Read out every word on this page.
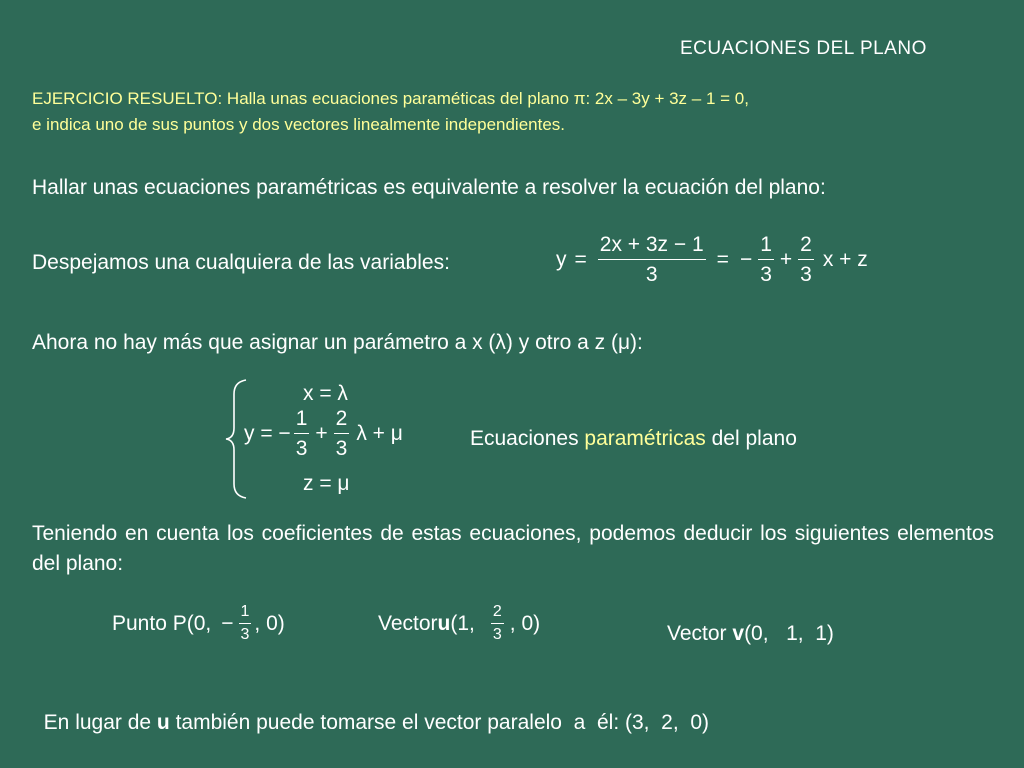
ECUACIONES DEL PLANO
EJERCICIO RESUELTO: Halla unas ecuaciones paraméticas del plano π: 2x – 3y + 3z – 1 = 0,
e indica uno de sus puntos y dos vectores linealmente independientes.
Hallar unas ecuaciones paramétricas es equivalente a resolver la ecuación del plano:
Despejamos una cualquiera de las variables:	$y = \frac{2x + 3z - 1}{3}$ = − $\frac{1}{3} + \frac{2}{3}$ x + z
Ahora no hay más que asignar un parámetro a x (λ) y otro a z (μ):
x = λ
y = − $\frac{1}{3} + \frac{2}{3}$ λ + μ
z = μ
Ecuaciones paramétricas del plano
Teniendo en cuenta los coeficientes de estas ecuaciones, podemos deducir los siguientes elementos del plano:
Punto P(0, − $\frac{1}{3}$ , 0)	Vector u (1, $\frac{2}{3}$ , 0)	Vector v(0,   1,  1)

En lugar de u también puede tomarse el vector paralelo  a  él: (3,  2,  0)
